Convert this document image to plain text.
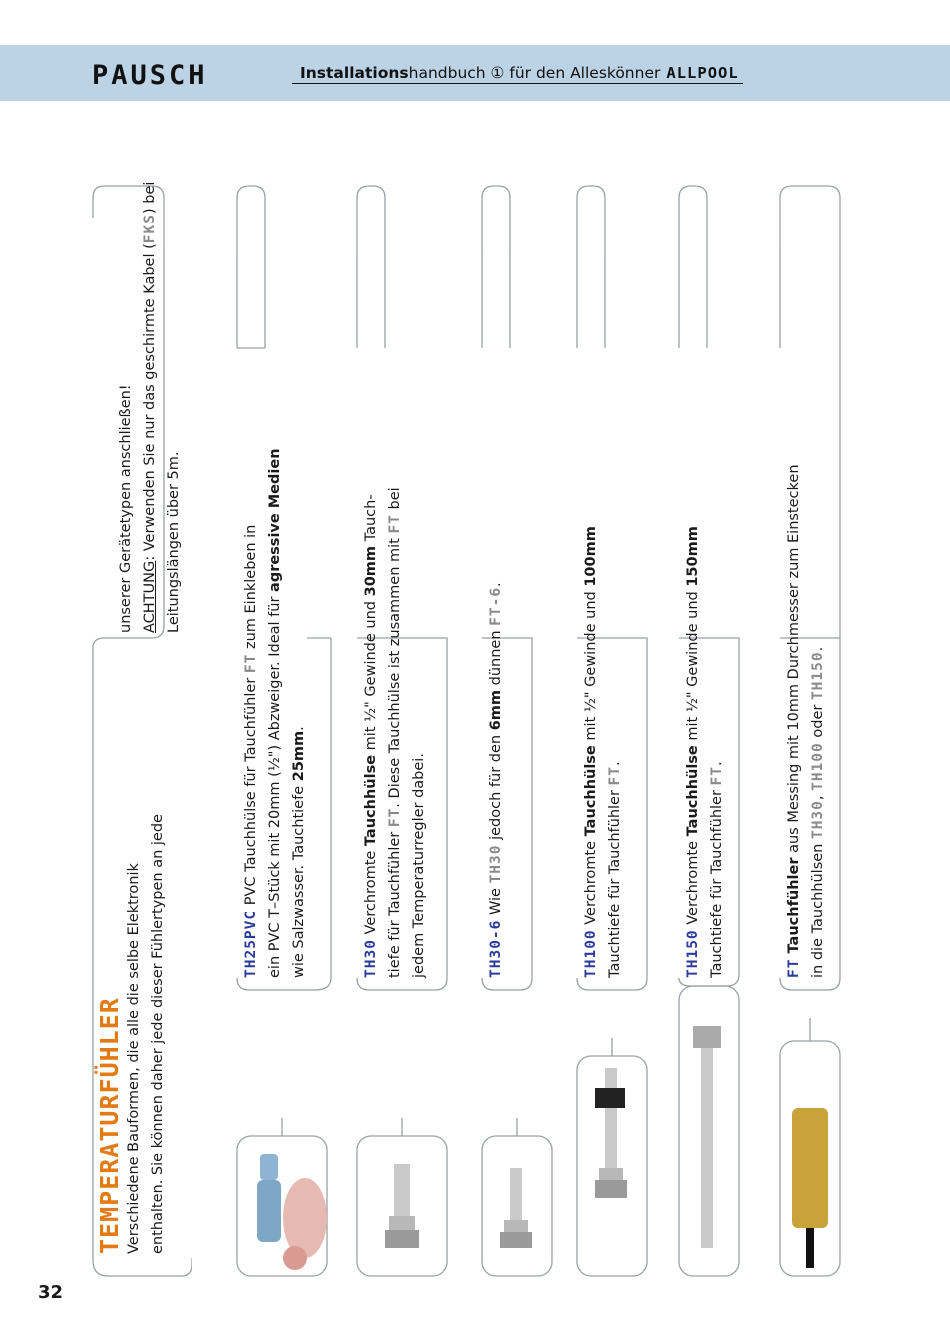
PAUSCH	Installationshandbuch ① für den Alleskönner ALLPOOL
32
TEMPERATURFÜHLER Verschiedene Bauformen, die alle die selbe Elektronik enthalten. Sie können daher jede dieser Fühlertypen an jede
unserer Gerätetypen anschließen! ACHTUNG: Verwenden Sie nur das geschirmte Kabel (FKS) bei
Leitungslängen über 5m.
TH25PVC PVC Tauchhülse für Tauchfühler FT zum Einkleben in
ein PVC T–Stück mit 20mm (½") Abzweiger. Ideal für agressive Medien
wie Salzwasser. Tauchtiefe 25mm.
TH30 Verchromte Tauchhülse mit ½" Gewinde und 30mm Tauch-
tiefe für Tauchfühler FT. Diese Tauchhülse ist zusammen mit FT bei
jedem Temperaturregler dabei.	TH30-6 Wie TH30 jedoch für den 6mm dünnen FT-6.
TH100 Verchromte Tauchhülse mit ½" Gewinde und 100mm
Tauchtiefe für Tauchfühler FT.
TH150 Verchromte Tauchhülse mit ½" Gewinde und 150mm
Tauchtiefe für Tauchfühler FT.
FT Tauchfühler aus Messing mit 10mm Durchmesser zum Einstecken
in die Tauchhülsen TH30, TH100 oder TH150.
